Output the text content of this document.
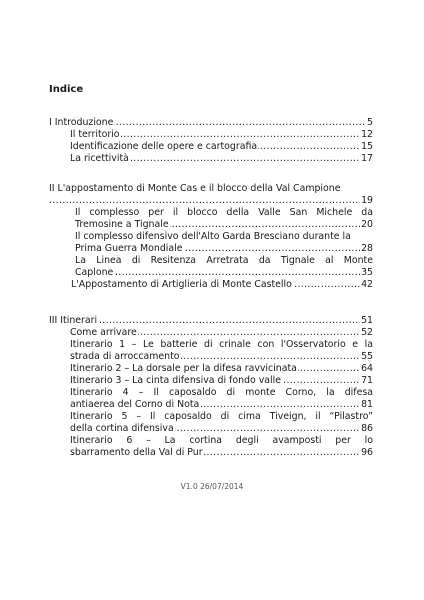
Indice
..... I Introduzione	5
..... Il territorio	12
..... Identificazione delle opere e cartografia	15
..... La ricettività	17
II L'appostamento di Monte Cas e il blocco della Val Campione
..... 19
Il complesso per il blocco della Valle San Michele da
..... Tremosine a Tignale	20
Il complesso difensivo dell'Alto Garda Bresciano durante la
..... Prima Guerra Mondiale	28
La Linea di Resitenza Arretrata da Tignale al Monte
..... Caplone	35
..... L'Appostamento di Artiglieria di Monte Castello	42
..... III Itinerari	51
..... Come arrivare	52
Itinerario 1 – Le batterie di crinale con l'Osservatorio e la
..... strada di arroccamento	55
..... Itinerario 2 – La dorsale per la difesa ravvicinata	64
..... Itinerario 3 – La cinta difensiva di fondo valle	71
Itinerario 4 – Il caposaldo di monte Corno, la difesa
..... antiaerea del Corno di Nota	81
Itinerario 5 – Il caposaldo di cima Tiveign, il “Pilastro”
..... della cortina difensiva	86
Itinerario 6 – La cortina degli avamposti per lo
..... sbarramento della Val di Pur	96
V1.0 26/07/2014
